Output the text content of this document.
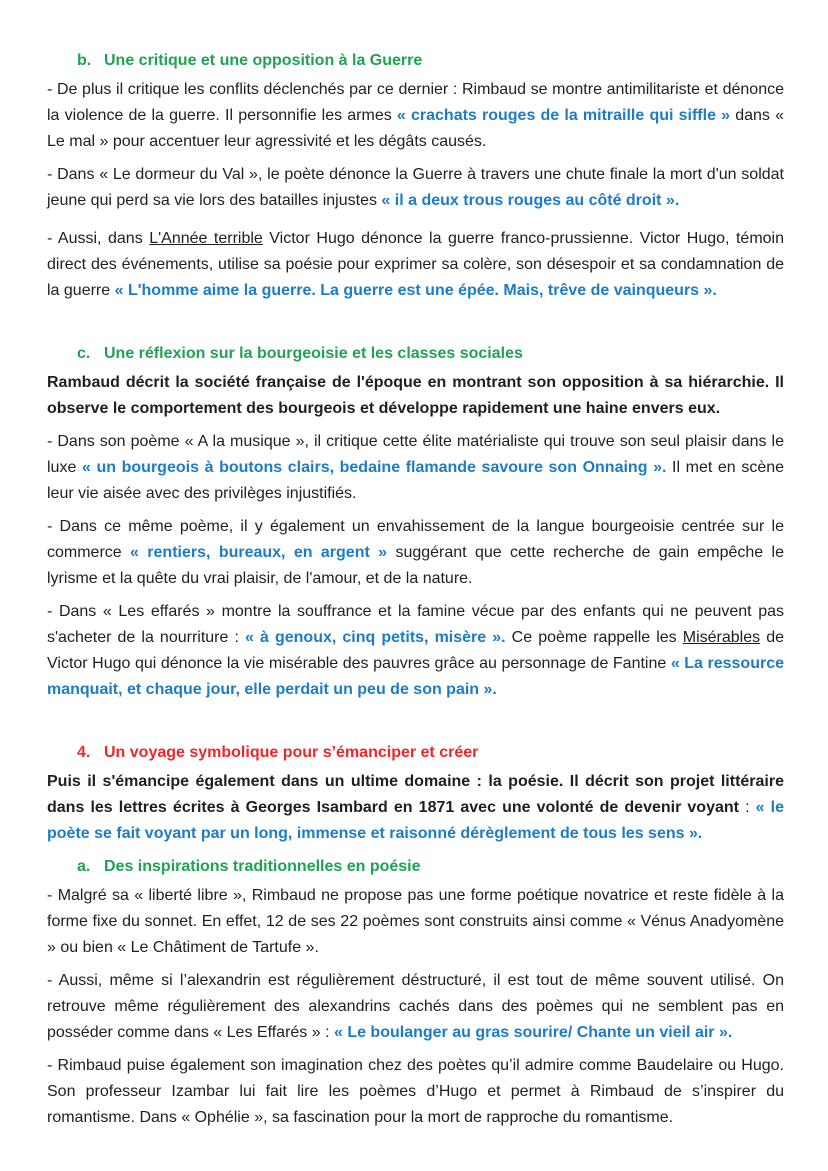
b. Une critique et une opposition à la Guerre

- De plus il critique les conflits déclenchés par ce dernier : Rimbaud se montre antimilitariste et dénonce la violence de la guerre. Il personnifie les armes « crachats rouges de la mitraille qui siffle » dans « Le mal » pour accentuer leur agressivité et les dégâts causés.

- Dans « Le dormeur du Val », le poète dénonce la Guerre à travers une chute finale la mort d'un soldat jeune qui perd sa vie lors des batailles injustes « il a deux trous rouges au côté droit ».

- Aussi, dans L'Année terrible Victor Hugo dénonce la guerre franco-prussienne. Victor Hugo, témoin direct des événements, utilise sa poésie pour exprimer sa colère, son désespoir et sa condamnation de la guerre « L'homme aime la guerre. La guerre est une épée. Mais, trêve de vainqueurs ».

c. Une réflexion sur la bourgeoisie et les classes sociales

Rambaud décrit la société française de l'époque en montrant son opposition à sa hiérarchie. Il observe le comportement des bourgeois et développe rapidement une haine envers eux.

- Dans son poème « A la musique », il critique cette élite matérialiste qui trouve son seul plaisir dans le luxe « un bourgeois à boutons clairs, bedaine flamande savoure son Onnaing ». Il met en scène leur vie aisée avec des privilèges injustifiés.

- Dans ce même poème, il y également un envahissement de la langue bourgeoisie centrée sur le commerce « rentiers, bureaux, en argent » suggérant que cette recherche de gain empêche le lyrisme et la quête du vrai plaisir, de l'amour, et de la nature.

- Dans « Les effarés » montre la souffrance et la famine vécue par des enfants qui ne peuvent pas s'acheter de la nourriture : « à genoux, cinq petits, misère ». Ce poème rappelle les Misérables de Victor Hugo qui dénonce la vie misérable des pauvres grâce au personnage de Fantine « La ressource manquait, et chaque jour, elle perdait un peu de son pain ».

4. Un voyage symbolique pour s’émanciper et créer

Puis il s'émancipe également dans un ultime domaine : la poésie. Il décrit son projet littéraire dans les lettres écrites à Georges Isambard en 1871 avec une volonté de devenir voyant : « le poète se fait voyant par un long, immense et raisonné dérèglement de tous les sens ».

a. Des inspirations traditionnelles en poésie

- Malgré sa « liberté libre », Rimbaud ne propose pas une forme poétique novatrice et reste fidèle à la forme fixe du sonnet. En effet, 12 de ses 22 poèmes sont construits ainsi comme « Vénus Anadyomène » ou bien « Le Châtiment de Tartufe ».

- Aussi, même si l’alexandrin est régulièrement déstructuré, il est tout de même souvent utilisé. On retrouve même régulièrement des alexandrins cachés dans des poèmes qui ne semblent pas en posséder comme dans « Les Effarés » : « Le boulanger au gras sourire/ Chante un vieil air ».

- Rimbaud puise également son imagination chez des poètes qu’il admire comme Baudelaire ou Hugo. Son professeur Izambar lui fait lire les poèmes d’Hugo et permet à Rimbaud de s’inspirer du romantisme. Dans « Ophélie », sa fascination pour la mort de rapproche du romantisme.
